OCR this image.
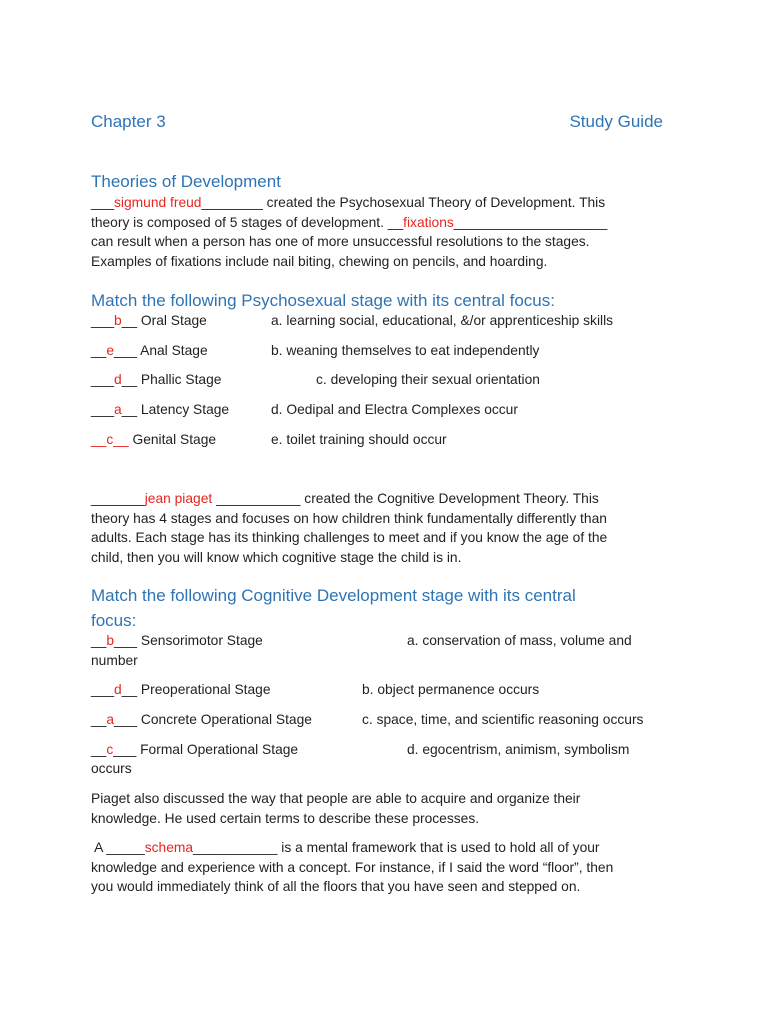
Chapter 3	Study Guide
Theories of Development
___sigmund freud________ created the Psychosexual Theory of Development. This
theory is composed of 5 stages of development. __fixations____________________
can result when a person has one of more unsuccessful resolutions to the stages.
Examples of fixations include nail biting, chewing on pencils, and hoarding.
Match the following Psychosexual stage with its central focus:
___b__ Oral Stage	a. learning social, educational, &/or apprenticeship skills
__e___ Anal Stage	b. weaning themselves to eat independently
___d__ Phallic Stage	c. developing their sexual orientation
___a__ Latency Stage	d. Oedipal and Electra Complexes occur
__c__ Genital Stage	e. toilet training should occur
_______jean piaget ___________ created the Cognitive Development Theory. This
theory has 4 stages and focuses on how children think fundamentally differently than
adults. Each stage has its thinking challenges to meet and if you know the age of the
child, then you will know which cognitive stage the child is in.
Match the following Cognitive Development stage with its central
focus:
__b___ Sensorimotor Stage	a. conservation of mass, volume and
number
___d__ Preoperational Stage	b. object permanence occurs
__a___ Concrete Operational Stage	c. space, time, and scientific reasoning occurs
__c___ Formal Operational Stage	d. egocentrism, animism, symbolism
occurs
Piaget also discussed the way that people are able to acquire and organize their
knowledge. He used certain terms to describe these processes.
A _____schema___________ is a mental framework that is used to hold all of your
knowledge and experience with a concept. For instance, if I said the word “floor”, then
you would immediately think of all the floors that you have seen and stepped on.
